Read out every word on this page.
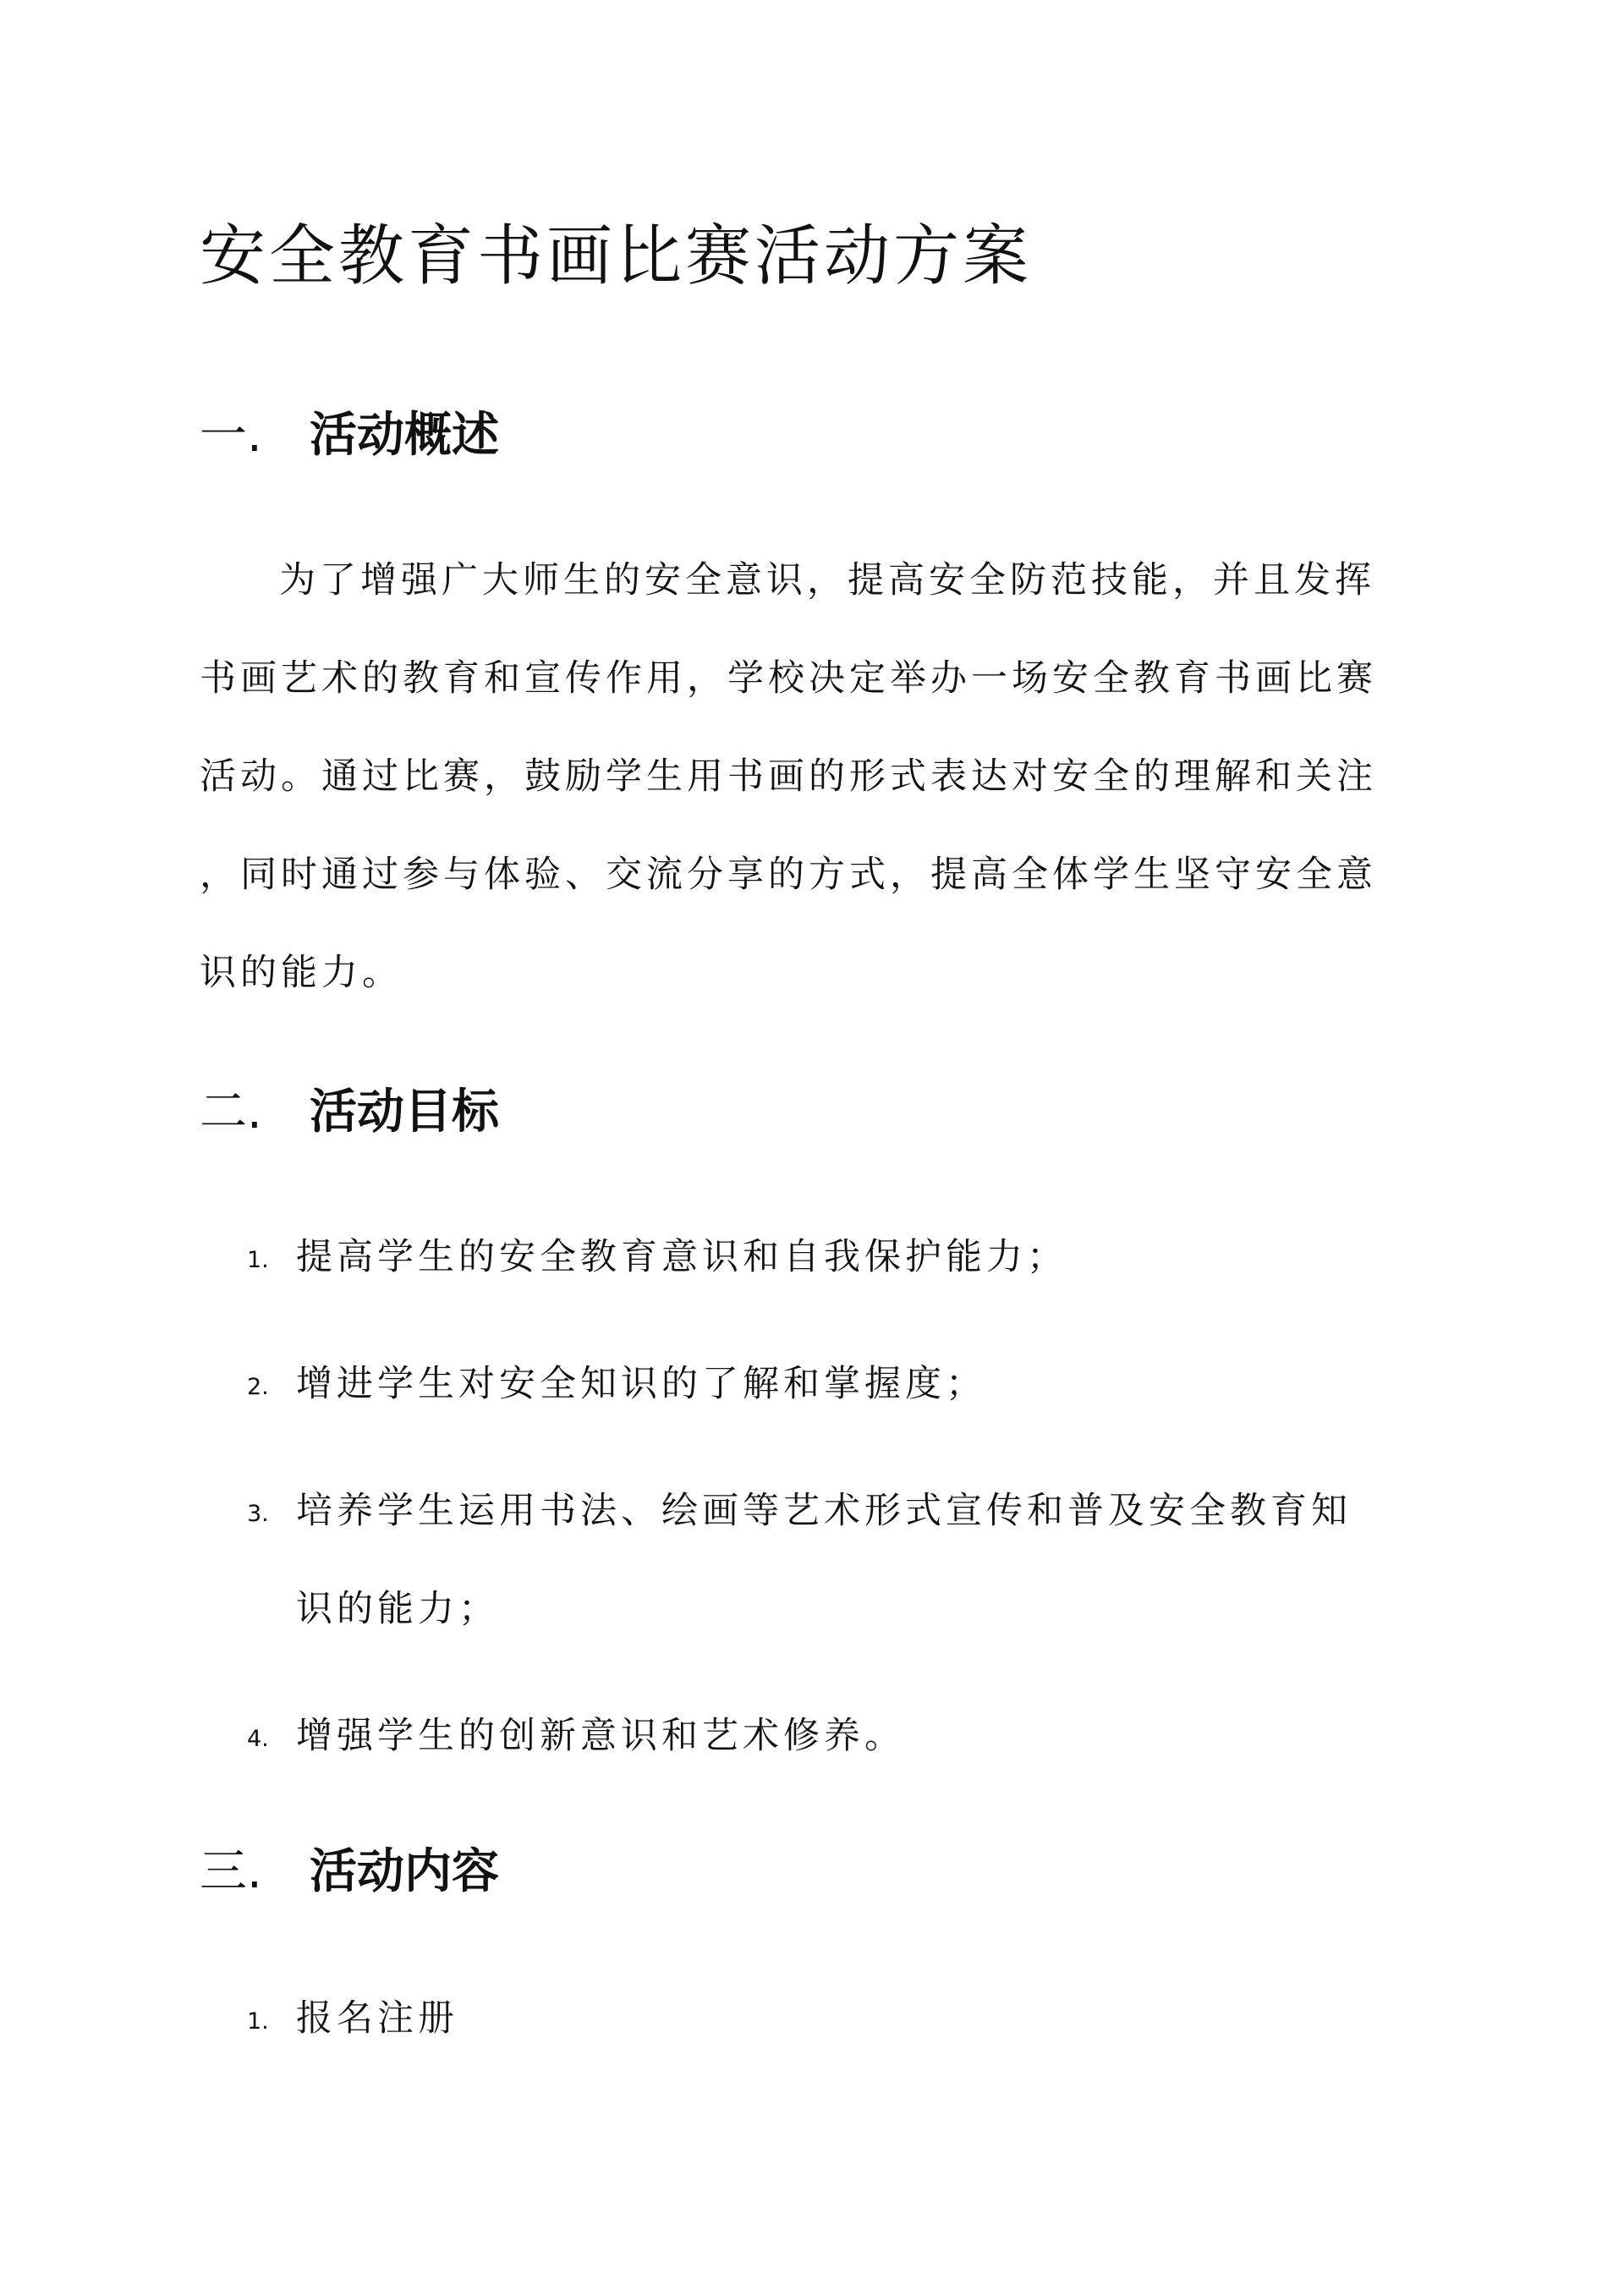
安全教育书画比赛活动方案
一. 活动概述

为了增强广大师生的安全意识，提高安全防范技能，并且发挥

书画艺术的教育和宣传作用，学校决定举办一场安全教育书画比赛

活动。通过比赛，鼓励学生用书画的形式表达对安全的理解和关注

，同时通过参与体验、交流分享的方式，提高全体学生坚守安全意

识的能力。

二. 活动目标

1. 提高学生的安全教育意识和自我保护能力；

2. 增进学生对安全知识的了解和掌握度；

3. 培养学生运用书法、绘画等艺术形式宣传和普及安全教育知

识的能力；

4. 增强学生的创新意识和艺术修养。

三. 活动内容

1. 报名注册
